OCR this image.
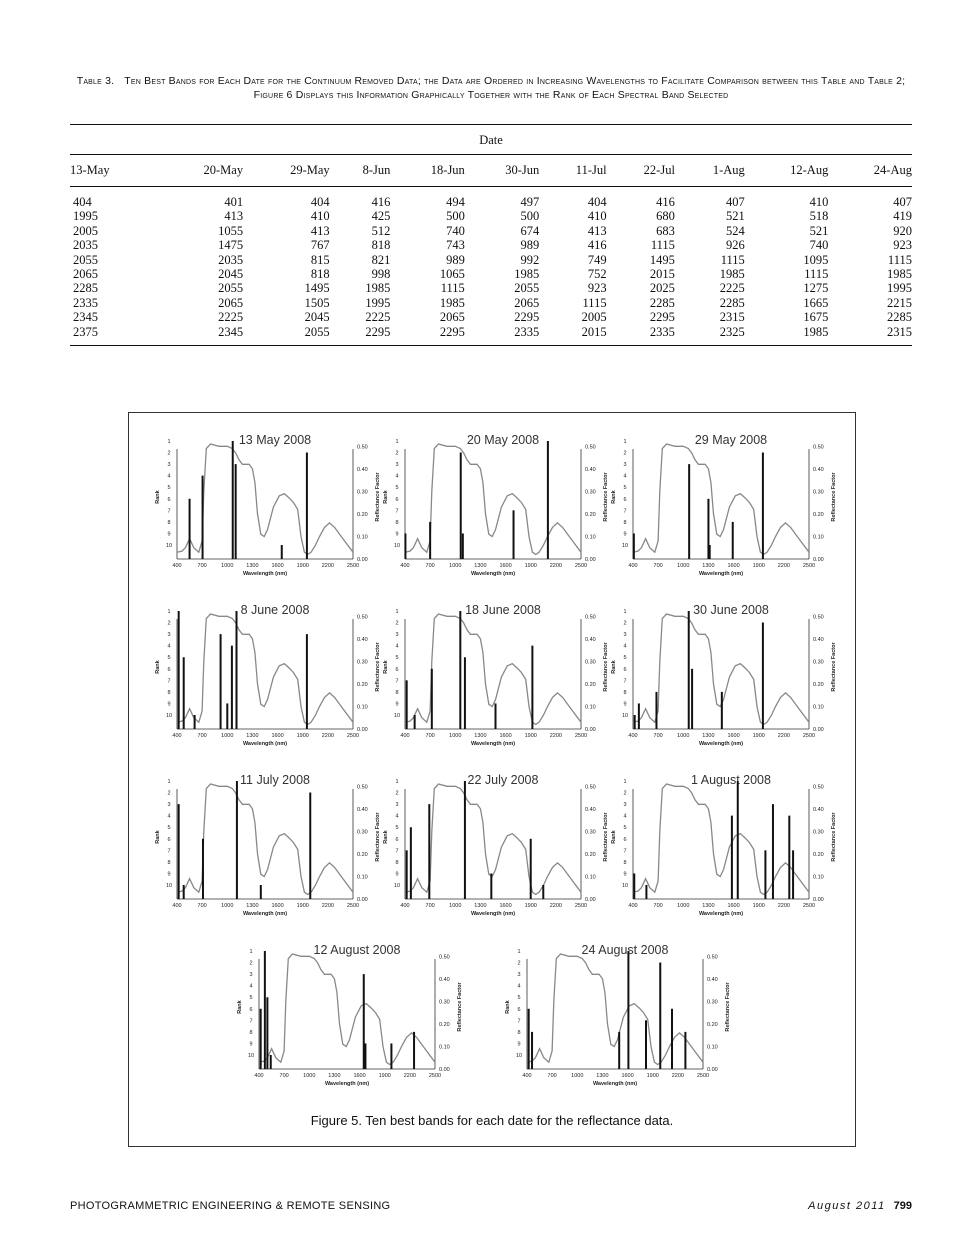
Table 3. Ten Best Bands for Each Date for the Continuum Removed Data; the Data are Ordered in Increasing Wavelengths to Facilitate Comparison between this Table and Table 2; Figure 6 Displays this Information Graphically Together with the Rank of Each Spectral Band Selected
Date										
13-May	20-May	29-May	8-Jun	18-Jun	30-Jun	11-Jul	22-Jul	1-Aug	12-Aug	24-Aug
404	401	404	416	494	497	404	416	407	410	407
1995	413	410	425	500	500	410	680	521	518	419
2005	1055	413	512	740	674	413	683	524	521	920
2035	1475	767	818	743	989	416	1115	926	740	923
2055	2035	815	821	989	992	749	1495	1115	1095	1115
2065	2045	818	998	1065	1985	752	2015	1985	1115	1985
2285	2055	1495	1985	1115	2055	923	2025	2225	1275	1995
2335	2065	1505	1995	1985	2065	1115	2285	2285	1665	2215
2345	2225	2045	2225	2065	2295	2005	2295	2315	1675	2285
2375	2345	2055	2295	2295	2335	2015	2335	2325	1985	2315
13 May 2008
1
2
3
4
5
6
7
8
9
10
0.50
0.40
0.30
0.20
0.10
0.00
400	700	1000 1300 1600 1900 2200 2500
Wavelength (nm)
Rank	Reflectance Factor
20 May 2008
1
2
3
4
5
6
7
8
9
10
0.50
0.40
0.30
0.20
0.10
0.00
400	700	1000 1300 1600 1900 2200 2500
Wavelength (nm)
Rank	Reflectance Factor
29 May 2008
1
2
3
4
5
6
7
8
9
10
0.50
0.40
0.30
0.20
0.10
0.00
400	700	1000 1300 1600 1900 2200 2500
Wavelength (nm)
Rank	Reflectance Factor
8 June 2008
1
2
3
4
5
6
7
8
9
10
0.50
0.40
0.30
0.20
0.10
0.00
400	700	1000 1300 1600 1900 2200 2500
Wavelength (nm)
Rank	Reflectance Factor
18 June 2008
1
2
3
4
5
6
7
8
9
10
0.50
0.40
0.30
0.20
0.10
0.00
400	700	1000 1300 1600 1900 2200 2500
Wavelength (nm)
Rank	Reflectance Factor
30 June 2008
1
2
3
4
5
6
7
8
9
10
0.50
0.40
0.30
0.20
0.10
0.00
400	700	1000 1300 1600 1900 2200 2500
Wavelength (nm)
Rank	Reflectance Factor
11 July 2008
1
2
3
4
5
6
7
8
9
10
0.50
0.40
0.30
0.20
0.10
0.00
400	700	1000 1300 1600 1900 2200 2500
Wavelength (nm)
Rank	Reflectance Factor
22 July 2008
1
2
3
4
5
6
7
8
9
10
0.50
0.40
0.30
0.20
0.10
0.00
400	700	1000 1300 1600 1900 2200 2500
Wavelength (nm)
Rank	Reflectance Factor
1 August 2008
1
2
3
4
5
6
7
8
9
10
0.50
0.40
0.30
0.20
0.10
0.00
400	700	1000 1300 1600 1900 2200 2500
Wavelength (nm)
Rank	Reflectance Factor
12 August 2008
1
2
3
4
5
6
7
8
9
10
0.50
0.40
0.30
0.20
0.10
0.00
400	700	1000 1300 1600 1900 2200 2500
Wavelength (nm)
Rank	Reflectance Factor
24 August 2008
1
2
3
4
5
6
7
8
9
10
0.50
0.40
0.30
0.20
0.10
0.00
400	700	1000 1300 1600 1900 2200 2500
Wavelength (nm)
Rank	Reflectance Factor
Figure 5. Ten best bands for each date for the reflectance data.
PHOTOGRAMMETRIC ENGINEERING & REMOTE SENSING	August 2011 799
